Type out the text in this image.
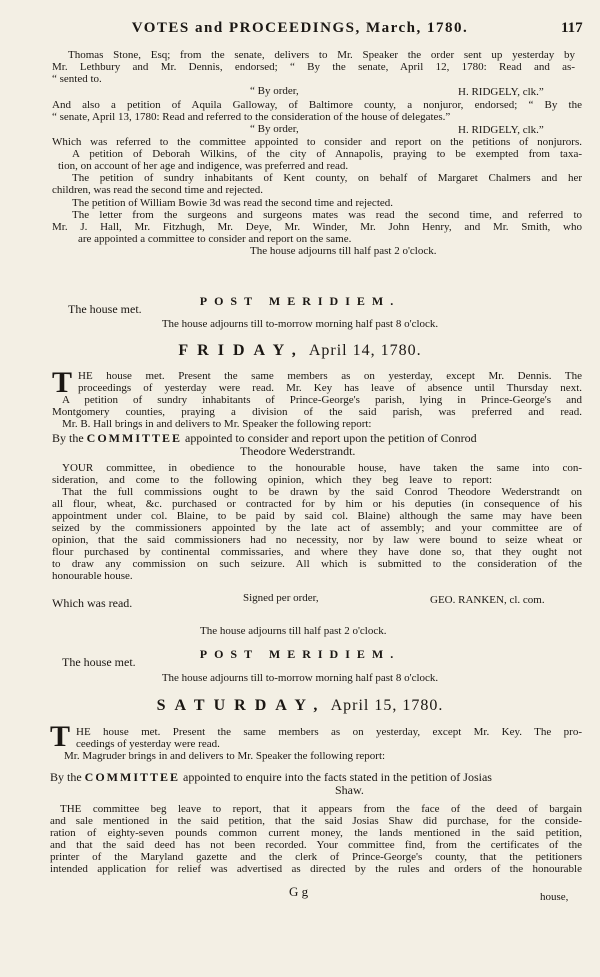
VOTES and PROCEEDINGS, March, 1780.	117
Thomas Stone, Esq; from the senate, delivers to Mr. Speaker the order sent up yesterday by
Mr. Lethbury and Mr. Dennis, endorsed; “ By the senate, April 12, 1780: Read and as-
“ sented to.
“ By order,	H. RIDGELY, clk.”
And also a petition of Aquila Galloway, of Baltimore county, a nonjuror, endorsed; “ By the
“ senate, April 13, 1780: Read and referred to the consideration of the house of delegates.”
“ By order,	H. RIDGELY, clk.”
Which was referred to the committee appointed to consider and report on the petitions of nonjurors.
A petition of Deborah Wilkins, of the city of Annapolis, praying to be exempted from taxa-
tion, on account of her age and indigence, was preferred and read.
The petition of sundry inhabitants of Kent county, on behalf of Margaret Chalmers and her
children, was read the second time and rejected.
The petition of William Bowie 3d was read the second time and rejected.
The letter from the surgeons and surgeons mates was read the second time, and referred to
Mr. J. Hall, Mr. Fitzhugh, Mr. Deye, Mr. Winder, Mr. John Henry, and Mr. Smith, who
are appointed a committee to consider and report on the same.
The house adjourns till half past 2 o'clock.
The house met.
POST MERIDIEM.
The house adjourns till to-morrow morning half past 8 o'clock.
FRIDAY, April 14, 1780.
T HE house met. Present the same members as on yesterday, except Mr. Dennis. The
proceedings of yesterday were read. Mr. Key has leave of absence until Thursday next.
A petition of sundry inhabitants of Prince-George's parish, lying in Prince-George's and
Montgomery counties, praying a division of the said parish, was preferred and read.
Mr. B. Hall brings in and delivers to Mr. Speaker the following report:
By the COMMITTEE appointed to consider and report upon the petition of Conrod
Theodore Wederstrandt.
YOUR committee, in obedience to the honourable house, have taken the same into con-
sideration, and come to the following opinion, which they beg leave to report:
That the full commissions ought to be drawn by the said Conrod Theodore Wederstrandt on
all flour, wheat, &c. purchased or contracted for by him or his deputies (in consequence of his
appointment under col. Blaine, to be paid by said col. Blaine) although the same may have been
seized by the commissioners appointed by the late act of assembly; and your committee are of
opinion, that the said commissioners had no necessity, nor by law were bound to seize wheat or
flour purchased by continental commissaries, and where they have done so, that they ought not
to draw any commission on such seizure. All which is submitted to the consideration of the
honourable house.
Which was read.	Signed per order,	GEO. RANKEN, cl. com.
The house adjourns till half past 2 o'clock.
The house met.
POST MERIDIEM.
The house adjourns till to-morrow morning half past 8 o'clock.
SATURDAY, April 15, 1780.
T HE house met. Present the same members as on yesterday, except Mr. Key. The pro-
ceedings of yesterday were read.
Mr. Magruder brings in and delivers to Mr. Speaker the following report:
By the COMMITTEE appointed to enquire into the facts stated in the petition of Josias
Shaw.
THE committee beg leave to report, that it appears from the face of the deed of bargain
and sale mentioned in the said petition, that the said Josias Shaw did purchase, for the conside-
ration of eighty-seven pounds common current money, the lands mentioned in the said petition,
and that the said deed has not been recorded. Your committee find, from the certificates of the
printer of the Maryland gazette and the clerk of Prince-George's county, that the petitioners
intended application for relief was advertised as directed by the rules and orders of the honourable
G g	house,
